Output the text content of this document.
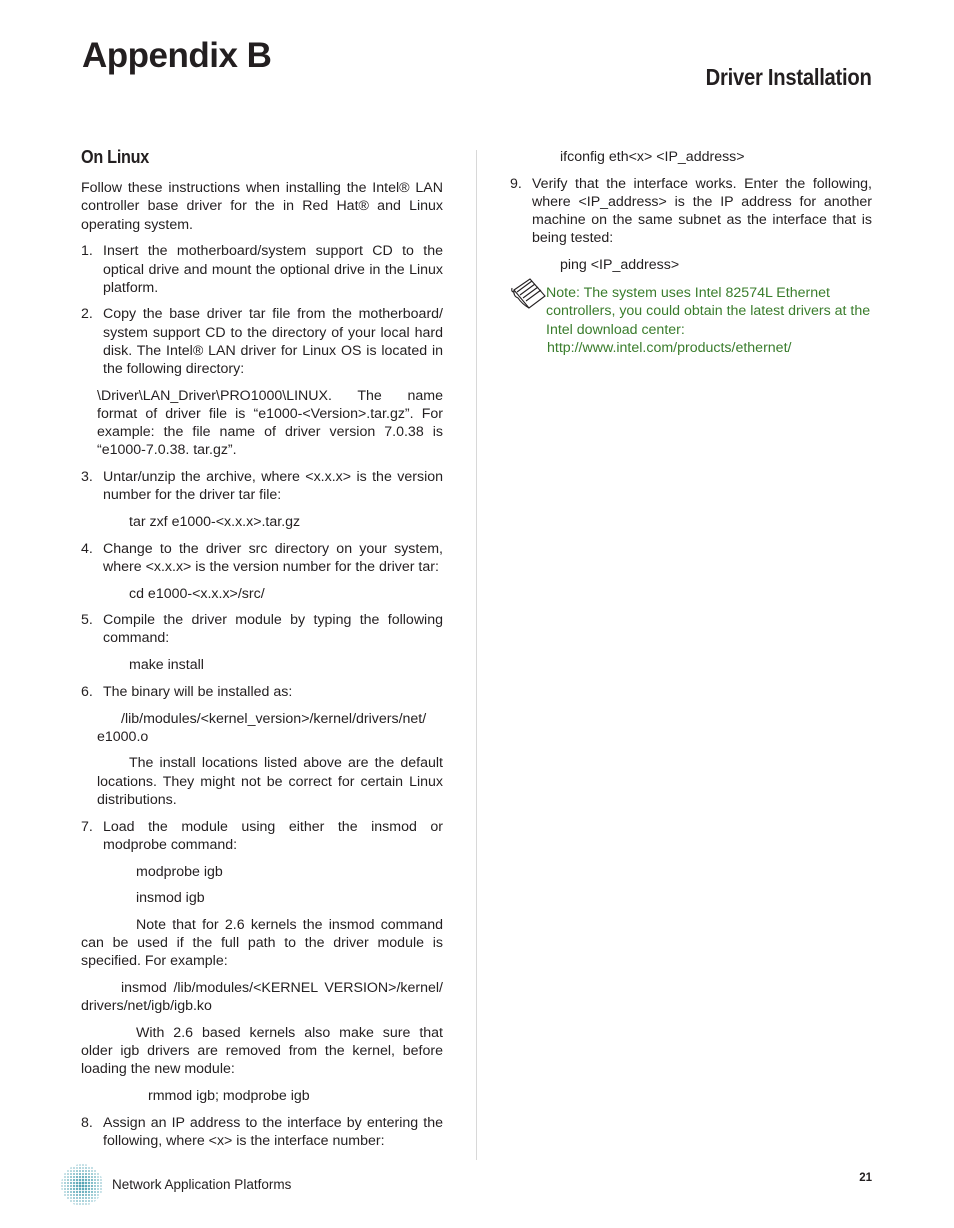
Appendix B
Driver Installation
On Linux

Follow these instructions when installing the Intel® LAN controller base driver for the in Red Hat® and Linux operating system.

1. Insert the motherboard/system support CD to the optical drive and mount the optional drive in the Linux platform.
2. Copy the base driver tar file from the motherboard/ system support CD to the directory of your local hard disk. The Intel® LAN driver for Linux OS is located in the following directory:

\Driver\LAN_Driver\PRO1000\LINUX. The name format of driver file is “e1000-<Version>.tar.gz”. For example: the file name of driver version 7.0.38 is “e1000-7.0.38. tar.gz”.

3. Untar/unzip the archive, where <x.x.x> is the version number for the driver tar file:

tar zxf e1000-<x.x.x>.tar.gz

4. Change to the driver src directory on your system, where <x.x.x> is the version number for the driver tar:

cd e1000-<x.x.x>/src/

5. Compile the driver module by typing the following command:

make install

6. The binary will be installed as:

/lib/modules/<kernel_version>/kernel/drivers/net/ e1000.o

The install locations listed above are the default locations. They might not be correct for certain Linux distributions.

7. Load the module using either the insmod or modprobe command:

modprobe igb

insmod igb

Note that for 2.6 kernels the insmod command can be used if the full path to the driver module is specified. For example:

insmod /lib/modules/<KERNEL VERSION>/kernel/ drivers/net/igb/igb.ko

With 2.6 based kernels also make sure that older igb drivers are removed from the kernel, before loading the new module:

rmmod igb; modprobe igb

8. Assign an IP address to the interface by entering the following, where <x> is the interface number:

ifconfig eth<x> <IP_address>

9. Verify that the interface works. Enter the following, where <IP_address> is the IP address for another machine on the same subnet as the interface that is being tested:

ping <IP_address>

Note: The system uses Intel 82574L Ethernet controllers, you could obtain the latest drivers at the Intel download center:
http://www.intel.com/products/ethernet/
Network Application Platforms	21
